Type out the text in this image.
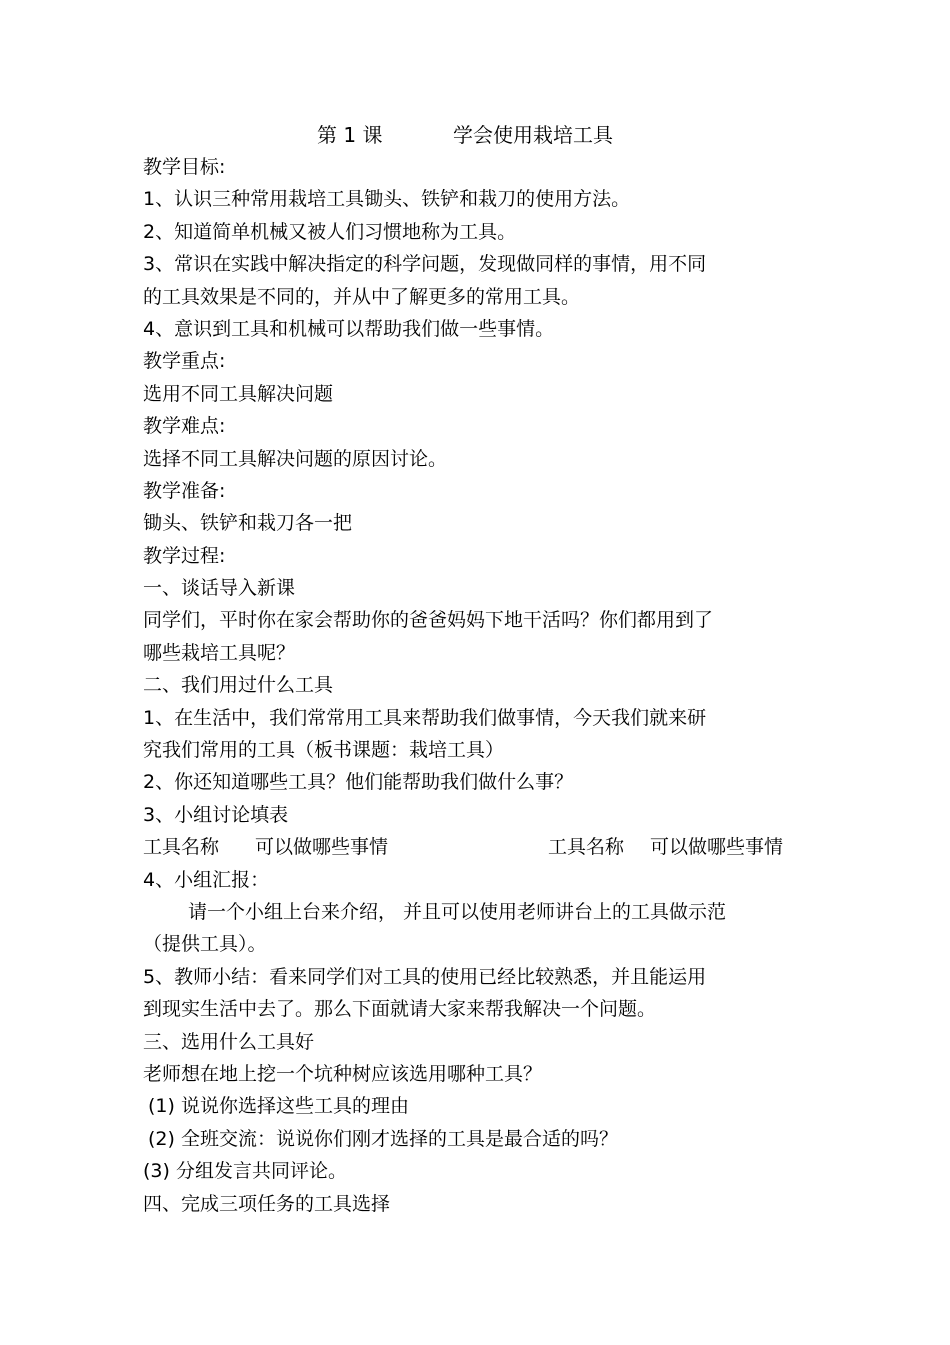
第 1 课	学会使用栽培工具
教学目标:
1、认识三种常用栽培工具锄头、铁铲和栽刀的使用方法。
2、知道简单机械又被人们习惯地称为工具。
3、常识在实践中解决指定的科学问题，发现做同样的事情，用不同
的工具效果是不同的，并从中了解更多的常用工具。
4、意识到工具和机械可以帮助我们做一些事情。
教学重点:
选用不同工具解决问题
教学难点:
选择不同工具解决问题的原因讨论。
教学准备:
锄头、铁铲和栽刀各一把
教学过程:
一、谈话导入新课
同学们，平时你在家会帮助你的爸爸妈妈下地干活吗？你们都用到了
哪些栽培工具呢？
二、我们用过什么工具
1、在生活中，我们常常用工具来帮助我们做事情，今天我们就来研
究我们常用的工具（板书课题：栽培工具）
2、你还知道哪些工具？他们能帮助我们做什么事？
3、小组讨论填表
工具名称 可以做哪些事情	工具名称 可以做哪些事情
4、小组汇报：
请一个小组上台来介绍， 并且可以使用老师讲台上的工具做示范
（提供工具）。
5、教师小结：看来同学们对工具的使用已经比较熟悉，并且能运用
到现实生活中去了。那么下面就请大家来帮我解决一个问题。
三、选用什么工具好
老师想在地上挖一个坑种树应该选用哪种工具？
(1) 说说你选择这些工具的理由
(2) 全班交流：说说你们刚才选择的工具是最合适的吗？
(3) 分组发言共同评论。
四、完成三项任务的工具选择
